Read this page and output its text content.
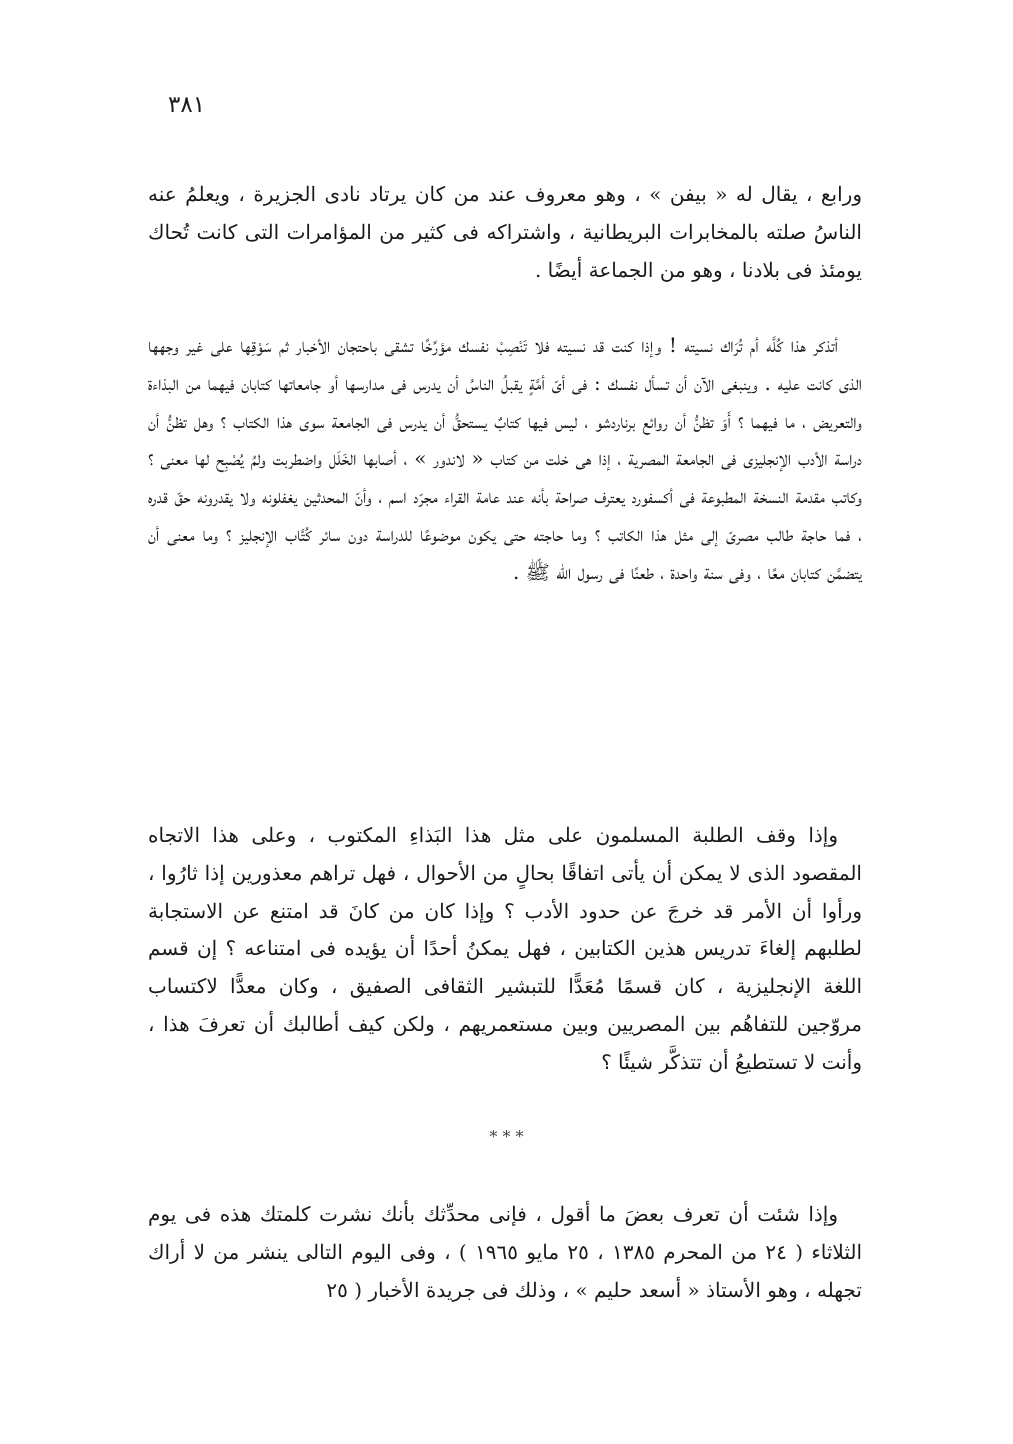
٣٨١

ورابع ، يقال له « بيفن » ، وهو معروف عند من كان يرتاد نادى الجزيرة ، ويعلمُ عنه الناسُ صلته بالمخابرات البريطانية ، واشتراكه فى كثير من المؤامرات التى كانت تُحاك يومئذ فى بلادنا ، وهو من الجماعة أيضًا .

أتذكر هذا كُلَّه أم تُرَاك نسيته ! وإذا كنت قد نسيته فلا تَنْصِبْ نفسك مؤرِّخًا تشقى باحتجان الأخبار ثم سَوْقِها على غير وجهها الذى كانت عليه . وينبغى الآن أن تسأل نفسك : فى أىّ أمَّةٍ يقبلُ الناسُ أن يدرس فى مدارسها أو جامعاتها كتابان فيهما من البذاءة والتعريض ، ما فيهما ؟ أَوَ تظنُّ أن روائع برناردشو ، ليس فيها كتابٌ يستحقُّ أن يدرس فى الجامعة سوى هذا الكتاب ؟ وهل تظنُّ أن دراسة الأدب الإنجليزى فى الجامعة المصرية ، إذا هى خلت من كتاب « لاندور » ، أصابها الخَلَل واضطربت ولمُ يُصْبِح لها معنى ؟ وكاتب مقدمة النسخة المطبوعة فى أكسفورد يعترف صراحة بأنه عند عامة القراء مجرّد اسم ، وأنّ المحدثين يغفلونه ولا يقدرونه حقّ قدره ، فما حاجة طالب مصرىّ إلى مثل هذا الكاتب ؟ وما حاجته حتى يكون موضوعًا للدراسة دون سائر كُتَّاب الإنجليز ؟ وما معنى أن يتضمَّن كتابان معًا ، وفى سنة واحدة ، طعنًا فى رسول الله ﷺ .

وإذا وقف الطلبة المسلمون على مثل هذا البَذاءِ المكتوب ، وعلى هذا الاتجاه المقصود الذى لا يمكن أن يأتى اتفاقًا بحالٍ من الأحوال ، فهل تراهم معذورين إذا ثارُوا ، ورأوا أن الأمر قد خرجَ عن حدود الأدب ؟ وإذا كان من كانَ قد امتنع عن الاستجابة لطلبهم إلغاءَ تدريس هذين الكتابين ، فهل يمكنُ أحدًا أن يؤيده فى امتناعه ؟ إن قسم اللغة الإنجليزية ، كان قسمًا مُعَدًّا للتبشير الثقافى الصفيق ، وكان معدًّا لاكتساب مروّجين للتفاهُم بين المصريين وبين مستعمريهم ، ولكن كيف أطالبك أن تعرفَ هذا ، وأنت لا تستطيعُ أن تتذكَّر شيئًا ؟

* * *

وإذا شئت أن تعرف بعضَ ما أقول ، فإنى محدِّثك بأنك نشرت كلمتك هذه فى يوم الثلاثاء ( ٢٤ من المحرم ١٣٨٥ ، ٢٥ مايو ١٩٦٥ ) ، وفى اليوم التالى ينشر من لا أراك تجهله ، وهو الأستاذ « أسعد حليم » ، وذلك فى جريدة الأخبار ( ٢٥
